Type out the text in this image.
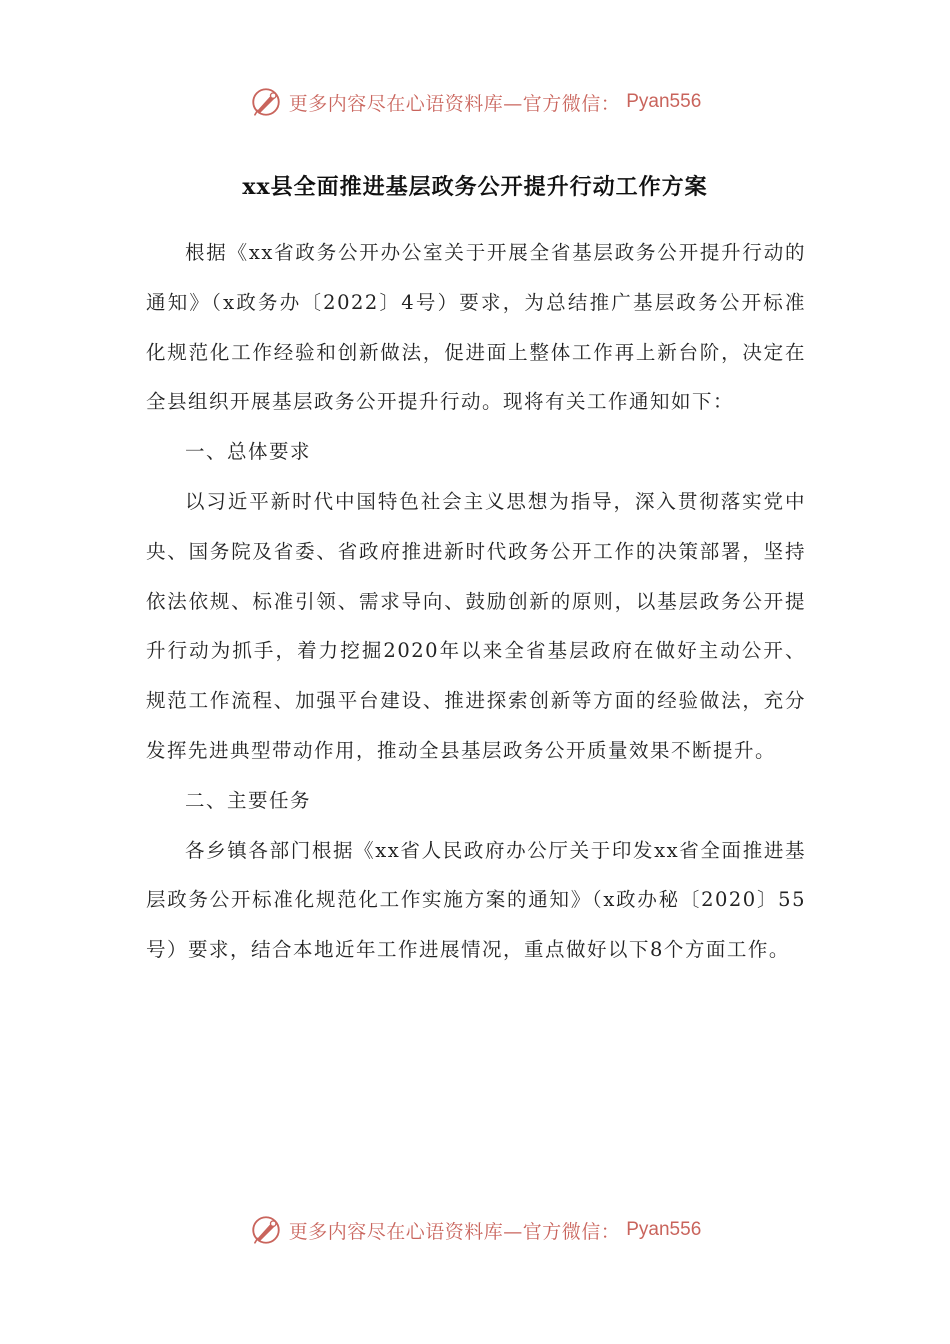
更多内容尽在心语资料库—官方微信： Pyan556
xx县全面推进基层政务公开提升行动工作方案

根据《xx省政务公开办公室关于开展全省基层政务公开提升行动的通知》（x政务办〔2022〕4号）要求，为总结推广基层政务公开标准化规范化工作经验和创新做法，促进面上整体工作再上新台阶，决定在全县组织开展基层政务公开提升行动。现将有关工作通知如下：

一、总体要求

以习近平新时代中国特色社会主义思想为指导，深入贯彻落实党中央、国务院及省委、省政府推进新时代政务公开工作的决策部署，坚持依法依规、标准引领、需求导向、鼓励创新的原则，以基层政务公开提升行动为抓手，着力挖掘2020年以来全省基层政府在做好主动公开、规范工作流程、加强平台建设、推进探索创新等方面的经验做法，充分发挥先进典型带动作用，推动全县基层政务公开质量效果不断提升。

二、主要任务

各乡镇各部门根据《xx省人民政府办公厅关于印发xx省全面推进基层政务公开标准化规范化工作实施方案的通知》（x政办秘〔2020〕55号）要求，结合本地近年工作进展情况，重点做好以下8个方面工作。

更多内容尽在心语资料库—官方微信： Pyan556
